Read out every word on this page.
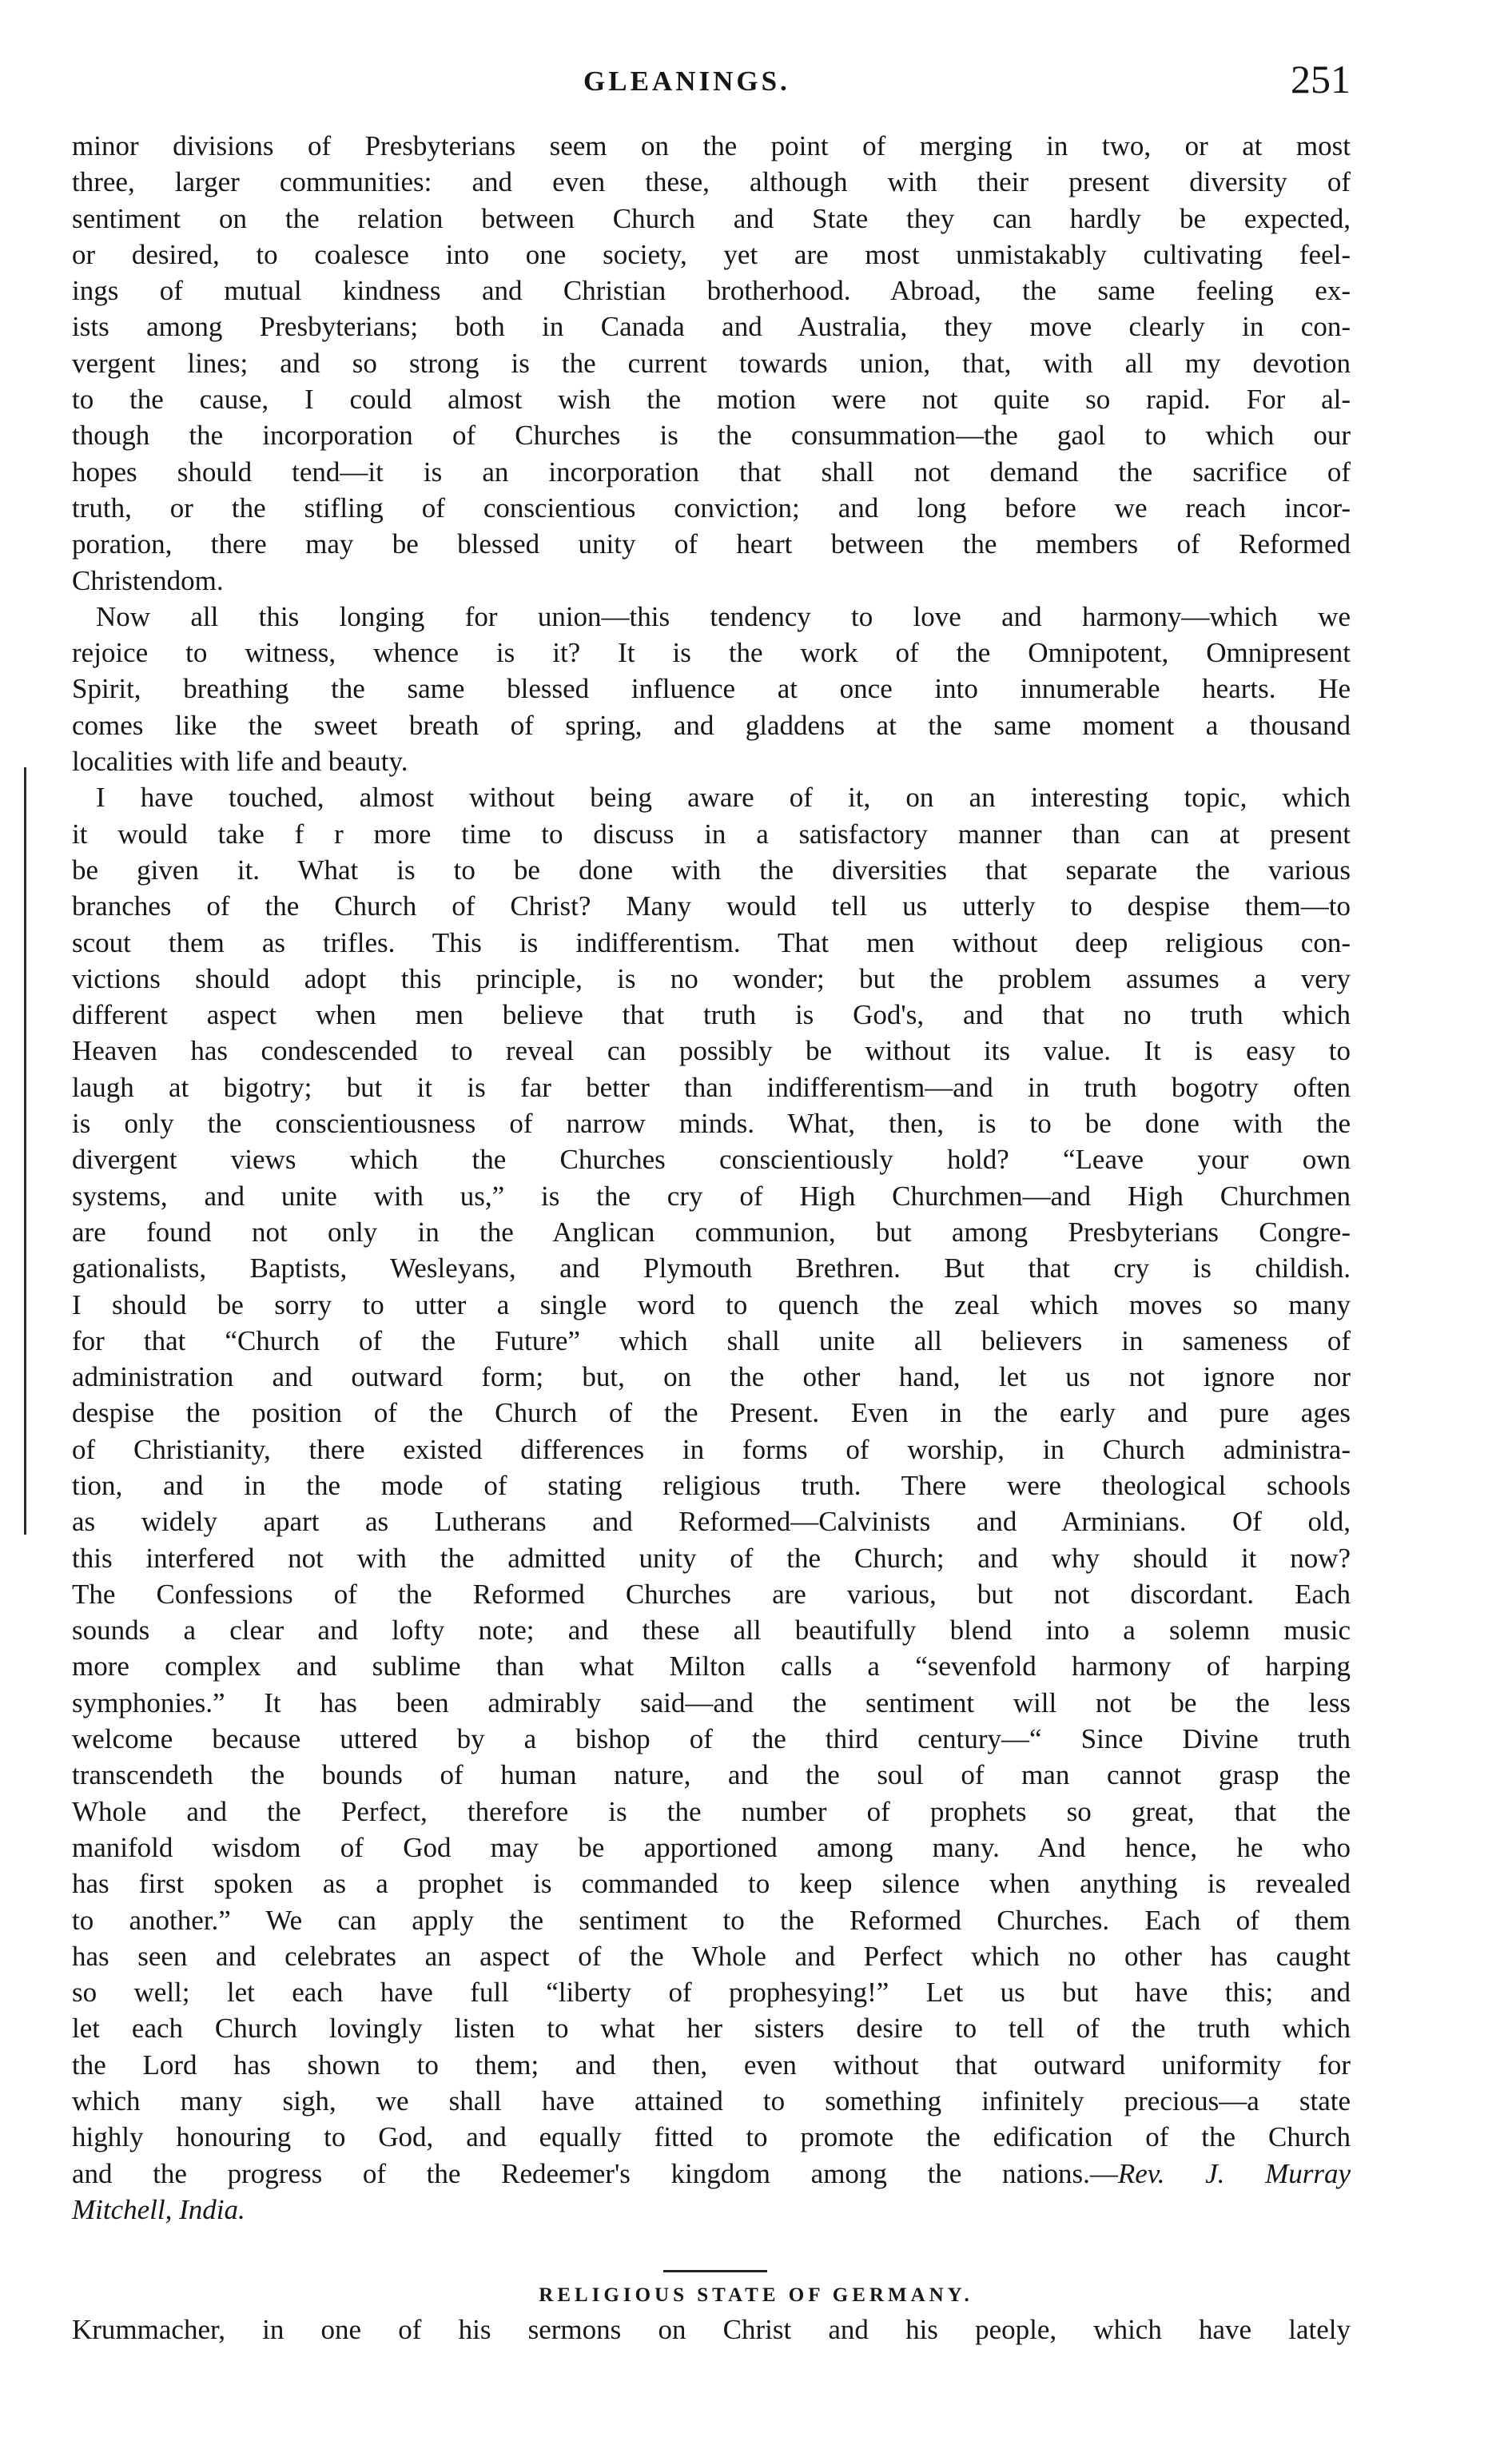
GLEANINGS.	251
minor divisions of Presbyterians seem on the point of merging in two, or at most
three, larger communities: and even these, although with their present diversity of
sentiment on the relation between Church and State they can hardly be expected,
or desired, to coalesce into one society, yet are most unmistakably cultivating feel-
ings of mutual kindness and Christian brotherhood. Abroad, the same feeling ex-
ists among Presbyterians; both in Canada and Australia, they move clearly in con-
vergent lines; and so strong is the current towards union, that, with all my devotion
to the cause, I could almost wish the motion were not quite so rapid. For al-
though the incorporation of Churches is the consummation—the gaol to which our
hopes should tend—it is an incorporation that shall not demand the sacrifice of
truth, or the stifling of conscientious conviction; and long before we reach incor-
poration, there may be blessed unity of heart between the members of Reformed
Christendom.
Now all this longing for union—this tendency to love and harmony—which we
rejoice to witness, whence is it? It is the work of the Omnipotent, Omnipresent
Spirit, breathing the same blessed influence at once into innumerable hearts. He
comes like the sweet breath of spring, and gladdens at the same moment a thousand
localities with life and beauty.
I have touched, almost without being aware of it, on an interesting topic, which
it would take f r more time to discuss in a satisfactory manner than can at present
be given it. What is to be done with the diversities that separate the various
branches of the Church of Christ? Many would tell us utterly to despise them—to
scout them as trifles. This is indifferentism. That men without deep religious con-
victions should adopt this principle, is no wonder; but the problem assumes a very
different aspect when men believe that truth is God's, and that no truth which
Heaven has condescended to reveal can possibly be without its value. It is easy to
laugh at bigotry; but it is far better than indifferentism—and in truth bogotry often
is only the conscientiousness of narrow minds. What, then, is to be done with the
divergent views which the Churches conscientiously hold? “Leave your own
systems, and unite with us,” is the cry of High Churchmen—and High Churchmen
are found not only in the Anglican communion, but among Presbyterians Congre-
gationalists, Baptists, Wesleyans, and Plymouth Brethren. But that cry is childish.
I should be sorry to utter a single word to quench the zeal which moves so many
for that “Church of the Future” which shall unite all believers in sameness of
administration and outward form; but, on the other hand, let us not ignore nor
despise the position of the Church of the Present. Even in the early and pure ages
of Christianity, there existed differences in forms of worship, in Church administra-
tion, and in the mode of stating religious truth. There were theological schools
as widely apart as Lutherans and Reformed—Calvinists and Arminians. Of old,
this interfered not with the admitted unity of the Church; and why should it now?
The Confessions of the Reformed Churches are various, but not discordant. Each
sounds a clear and lofty note; and these all beautifully blend into a solemn music
more complex and sublime than what Milton calls a “sevenfold harmony of harping
symphonies.” It has been admirably said—and the sentiment will not be the less
welcome because uttered by a bishop of the third century—“ Since Divine truth
transcendeth the bounds of human nature, and the soul of man cannot grasp the
Whole and the Perfect, therefore is the number of prophets so great, that the
manifold wisdom of God may be apportioned among many. And hence, he who
has first spoken as a prophet is commanded to keep silence when anything is revealed
to another.” We can apply the sentiment to the Reformed Churches. Each of them
has seen and celebrates an aspect of the Whole and Perfect which no other has caught
so well; let each have full “liberty of prophesying!” Let us but have this; and
let each Church lovingly listen to what her sisters desire to tell of the truth which
the Lord has shown to them; and then, even without that outward uniformity for
which many sigh, we shall have attained to something infinitely precious—a state
highly honouring to God, and equally fitted to promote the edification of the Church
and the progress of the Redeemer's kingdom among the nations.—Rev. J. Murray
Mitchell, India.
RELIGIOUS STATE OF GERMANY.
Krummacher, in one of his sermons on Christ and his people, which have lately
